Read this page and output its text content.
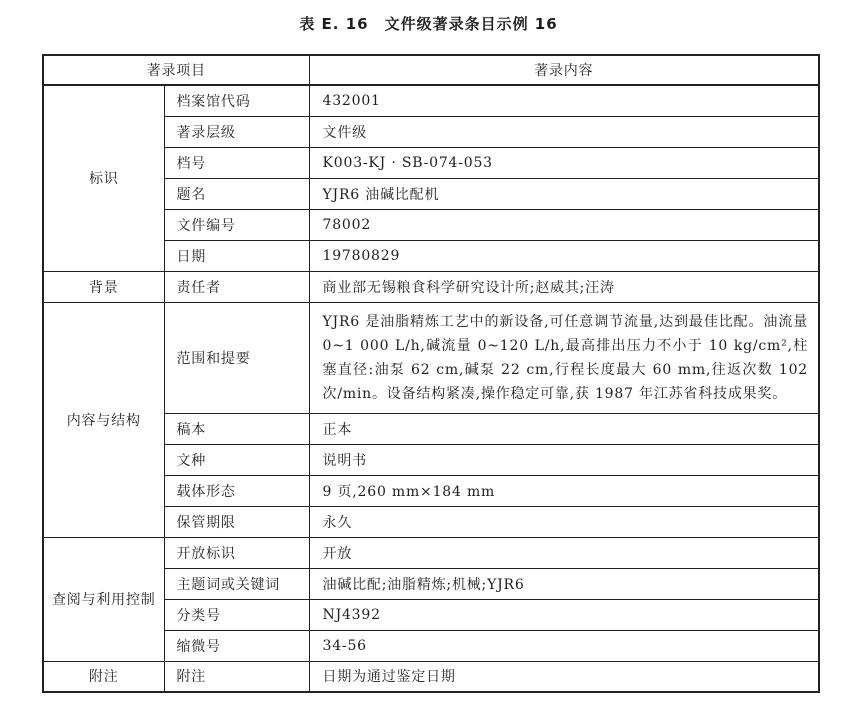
表 E. 16　文件级著录条目示例 16
著录项目		著录内容
标识	档案馆代码	432001
	著录层级	文件级
	档号	K003-KJ · SB-074-053
	题名	YJR6 油碱比配机
	文件编号	78002
	日期	19780829
背景	责任者	商业部无锡粮食科学研究设计所;赵威其;汪涛
内容与结构	范围和提要	YJR6 是油脂精炼工艺中的新设备,可任意调节流量,达到最佳比配。油流量 0~1 000 L/h,碱流量 0~120 L/h,最高排出压力不小于 10 kg/cm²,柱塞直径:油泵 62 cm,碱泵 22 cm,行程长度最大 60 mm,往返次数 102 次/min。设备结构紧凑,操作稳定可靠,获 1987 年江苏省科技成果奖。
	稿本	正本
	文种	说明书
	载体形态	9 页,260 mm×184 mm
	保管期限	永久
查阅与利用控制	开放标识	开放
	主题词或关键词	油碱比配;油脂精炼;机械;YJR6
	分类号	NJ4392
	缩微号	34-56
附注	附注	日期为通过鉴定日期
